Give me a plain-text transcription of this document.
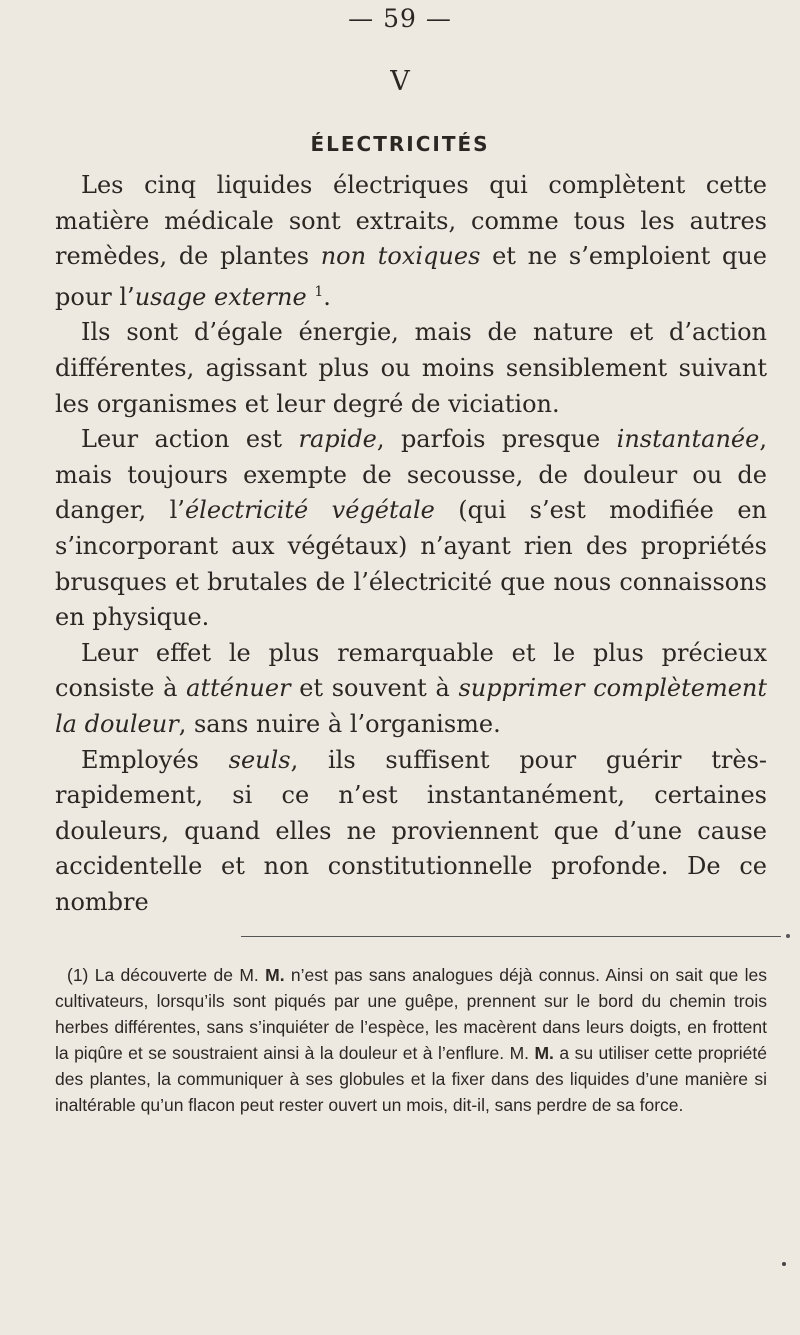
— 59 —
V
ÉLECTRICITÉS

Les cinq liquides électriques qui complètent cette matière médicale sont extraits, comme tous les autres remèdes, de plantes non toxiques et ne s’emploient que pour l’usage externe $^1$.

Ils sont d’égale énergie, mais de nature et d’action différentes, agissant plus ou moins sensiblement suivant les organismes et leur degré de viciation.

Leur action est rapide, parfois presque instantanée, mais toujours exempte de secousse, de douleur ou de danger, l’électricité végétale (qui s’est modifiée en s’incorporant aux végétaux) n’ayant rien des propriétés brusques et brutales de l’électricité que nous connaissons en physique.

Leur effet le plus remarquable et le plus précieux consiste à atténuer et souvent à supprimer complètement la douleur, sans nuire à l’organisme.

Employés seuls, ils suffisent pour guérir très-rapidement, si ce n’est instantanément, certaines douleurs, quand elles ne proviennent que d’une cause accidentelle et non constitutionnelle profonde. De ce nombre

(1) La découverte de M. M. n’est pas sans analogues déjà connus. Ainsi on sait que les cultivateurs, lorsqu’ils sont piqués par une guêpe, prennent sur le bord du chemin trois herbes différentes, sans s’inquiéter de l’espèce, les macèrent dans leurs doigts, en frottent la piqûre et se soustraient ainsi à la douleur et à l’enflure. M. M. a su utiliser cette propriété des plantes, la communiquer à ses globules et la fixer dans des liquides d’une manière si inaltérable qu’un flacon peut rester ouvert un mois, dit-il, sans perdre de sa force.
